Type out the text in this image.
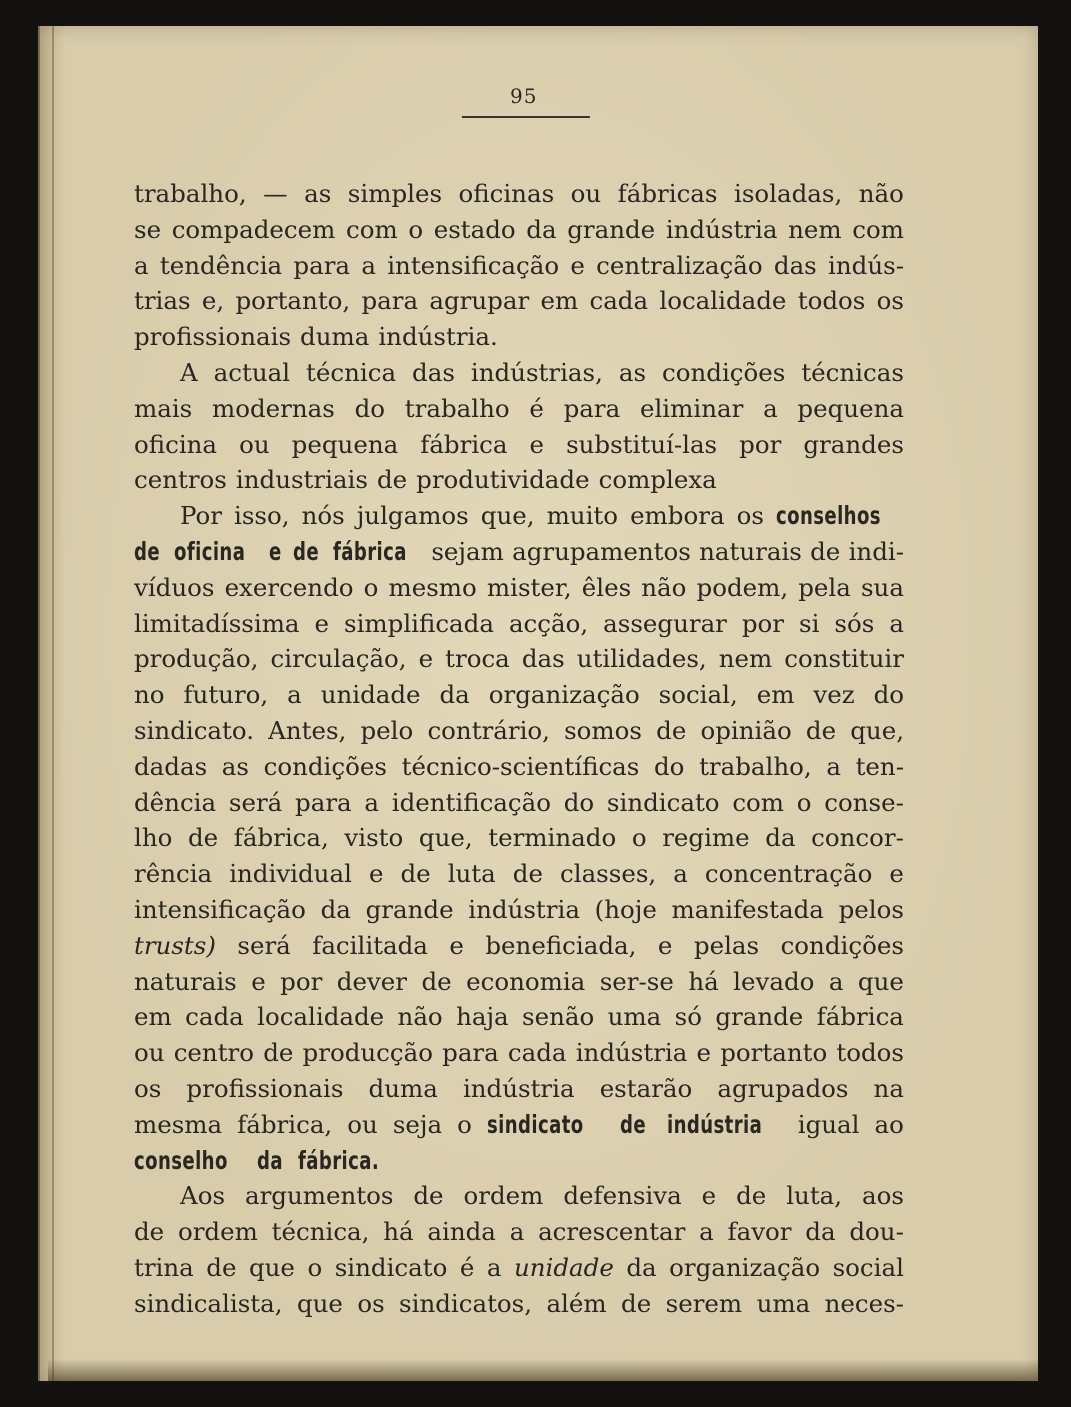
95
trabalho, — as simples oficinas ou fábricas isoladas, não
se compadecem com o estado da grande indústria nem com
a tendência para a intensificação e centralização das indús-
trias e, portanto, para agrupar em cada localidade todos os
profissionais duma indústria.
A actual técnica das indústrias, as condições técnicas
mais modernas do trabalho é para eliminar a pequena
oficina ou pequena fábrica e substituí-las por grandes
centros industriais de produtividade complexa
Por isso, nós julgamos que, muito embora os conselhos
de oficina e de fábrica sejam agrupamentos naturais de indi-
víduos exercendo o mesmo mister, êles não podem, pela sua
limitadíssima e simplificada acção, assegurar por si sós a
produção, circulação, e troca das utilidades, nem constituir
no futuro, a unidade da organização social, em vez do
sindicato. Antes, pelo contrário, somos de opinião de que,
dadas as condições técnico-scientíficas do trabalho, a ten-
dência será para a identificação do sindicato com o conse-
lho de fábrica, visto que, terminado o regime da concor-
rência individual e de luta de classes, a concentração e
intensificação da grande indústria (hoje manifestada pelos
trusts) será facilitada e beneficiada, e pelas condições
naturais e por dever de economia ser-se há levado a que
em cada localidade não haja senão uma só grande fábrica
ou centro de producção para cada indústria e portanto todos
os profissionais duma indústria estarão agrupados na
mesma fábrica, ou seja o sindicato de indústria igual ao
conselho da fábrica.
Aos argumentos de ordem defensiva e de luta, aos
de ordem técnica, há ainda a acrescentar a favor da dou-
trina de que o sindicato é a unidade da organização social
sindicalista, que os sindicatos, além de serem uma neces-
